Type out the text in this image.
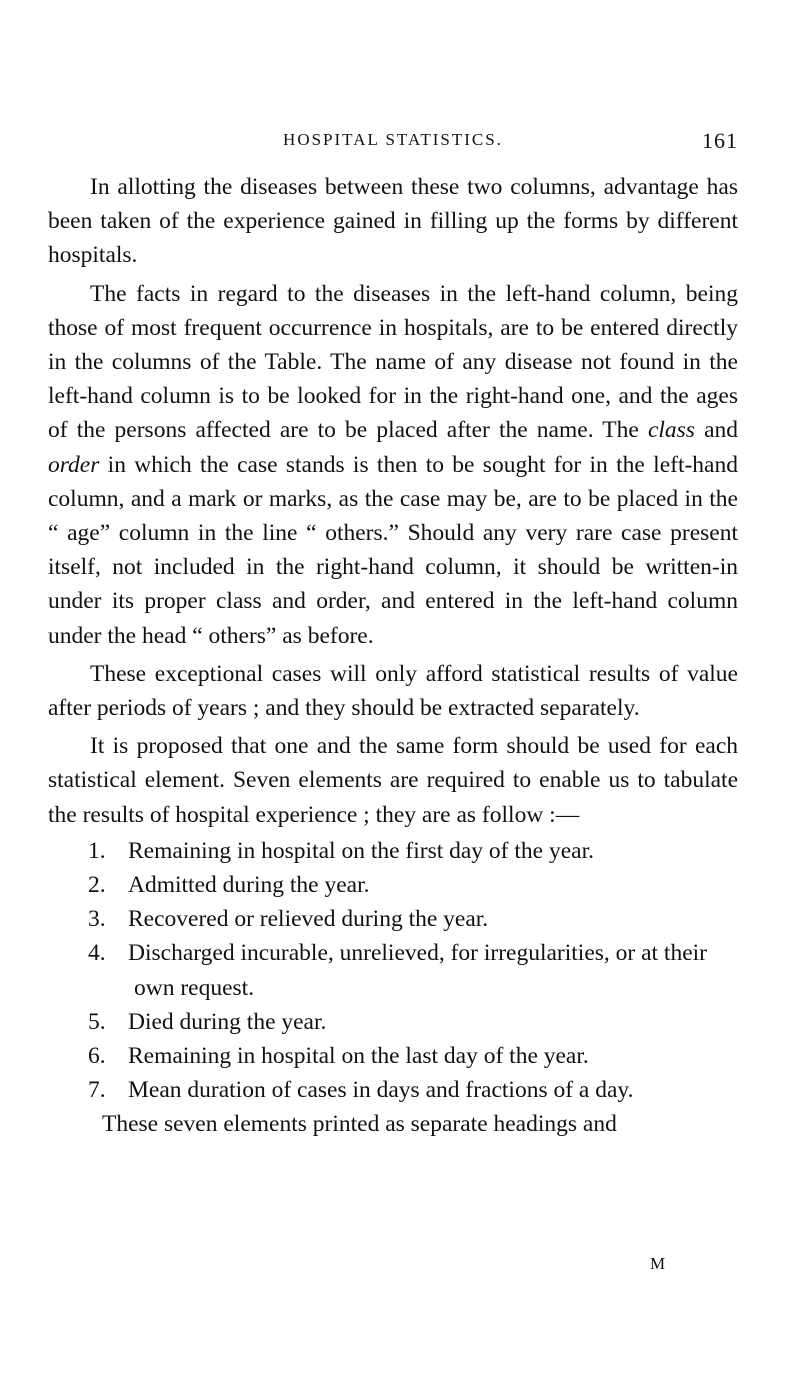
HOSPITAL STATISTICS.	161

In allotting the diseases between these two columns, advantage has been taken of the experience gained in filling up the forms by different hospitals.

The facts in regard to the diseases in the left-hand column, being those of most frequent occurrence in hospitals, are to be entered directly in the columns of the Table. The name of any disease not found in the left-hand column is to be looked for in the right-hand one, and the ages of the persons affected are to be placed after the name. The class and order in which the case stands is then to be sought for in the left-hand column, and a mark or marks, as the case may be, are to be placed in the “ age” column in the line “ others.” Should any very rare case present itself, not included in the right-hand column, it should be written-in under its proper class and order, and entered in the left-hand column under the head “ others” as before.

These exceptional cases will only afford statistical results of value after periods of years ; and they should be extracted separately.

It is proposed that one and the same form should be used for each statistical element. Seven elements are required to enable us to tabulate the results of hospital experience ; they are as follow :—

1. Remaining in hospital on the first day of the year.
2. Admitted during the year.
3. Recovered or relieved during the year.
4. Discharged incurable, unrelieved, for irregularities, or at their own request.
5. Died during the year.
6. Remaining in hospital on the last day of the year.
7. Mean duration of cases in days and fractions of a day.

These seven elements printed as separate headings and

M
